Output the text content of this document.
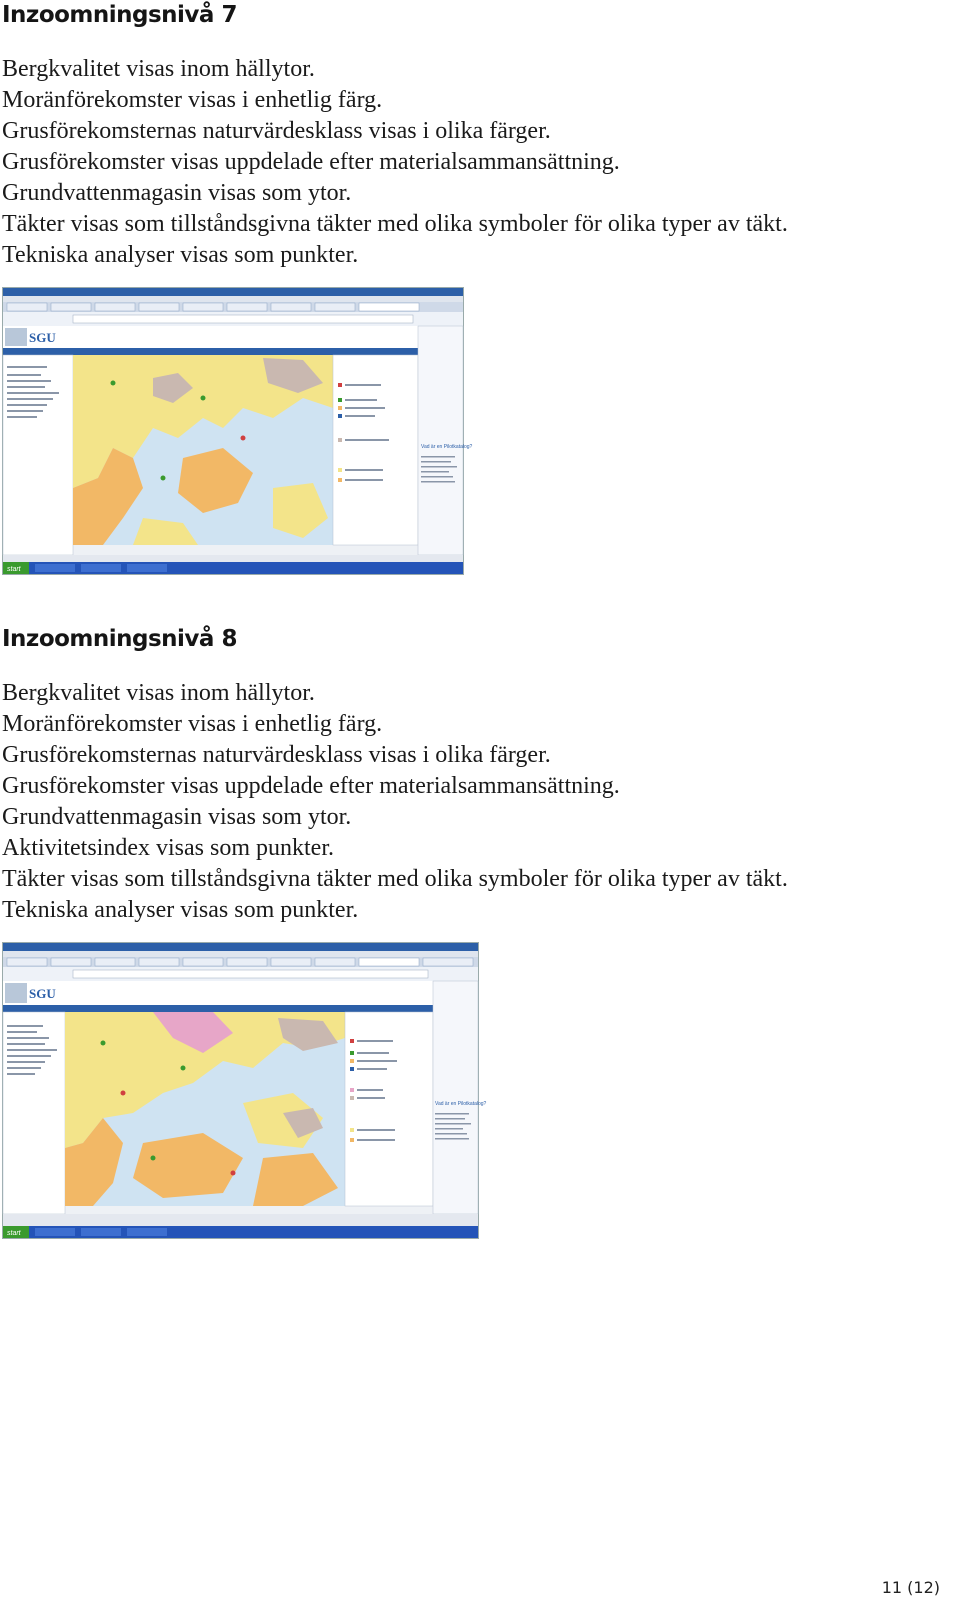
Inzoomningsnivå 7
Bergkvalitet visas inom hällytor.
Moränförekomster visas i enhetlig färg.
Grusförekomsternas naturvärdesklass visas i olika färger.
Grusförekomster visas uppdelade efter materialsammansättning.
Grundvattenmagasin visas som ytor.
Täkter visas som tillståndsgivna täkter med olika symboler för olika typer av täkt.
Tekniska analyser visas som punkter.
SGU
Vad är en Pilotkatalog?
start
Inzoomningsnivå 8
Bergkvalitet visas inom hällytor.
Moränförekomster visas i enhetlig färg.
Grusförekomsternas naturvärdesklass visas i olika färger.
Grusförekomster visas uppdelade efter materialsammansättning.
Grundvattenmagasin visas som ytor.
Aktivitetsindex visas som punkter.
Täkter visas som tillståndsgivna täkter med olika symboler för olika typer av täkt.
Tekniska analyser visas som punkter.
SGU
Vad är en Pilotkatalog?
start
11 (12)
